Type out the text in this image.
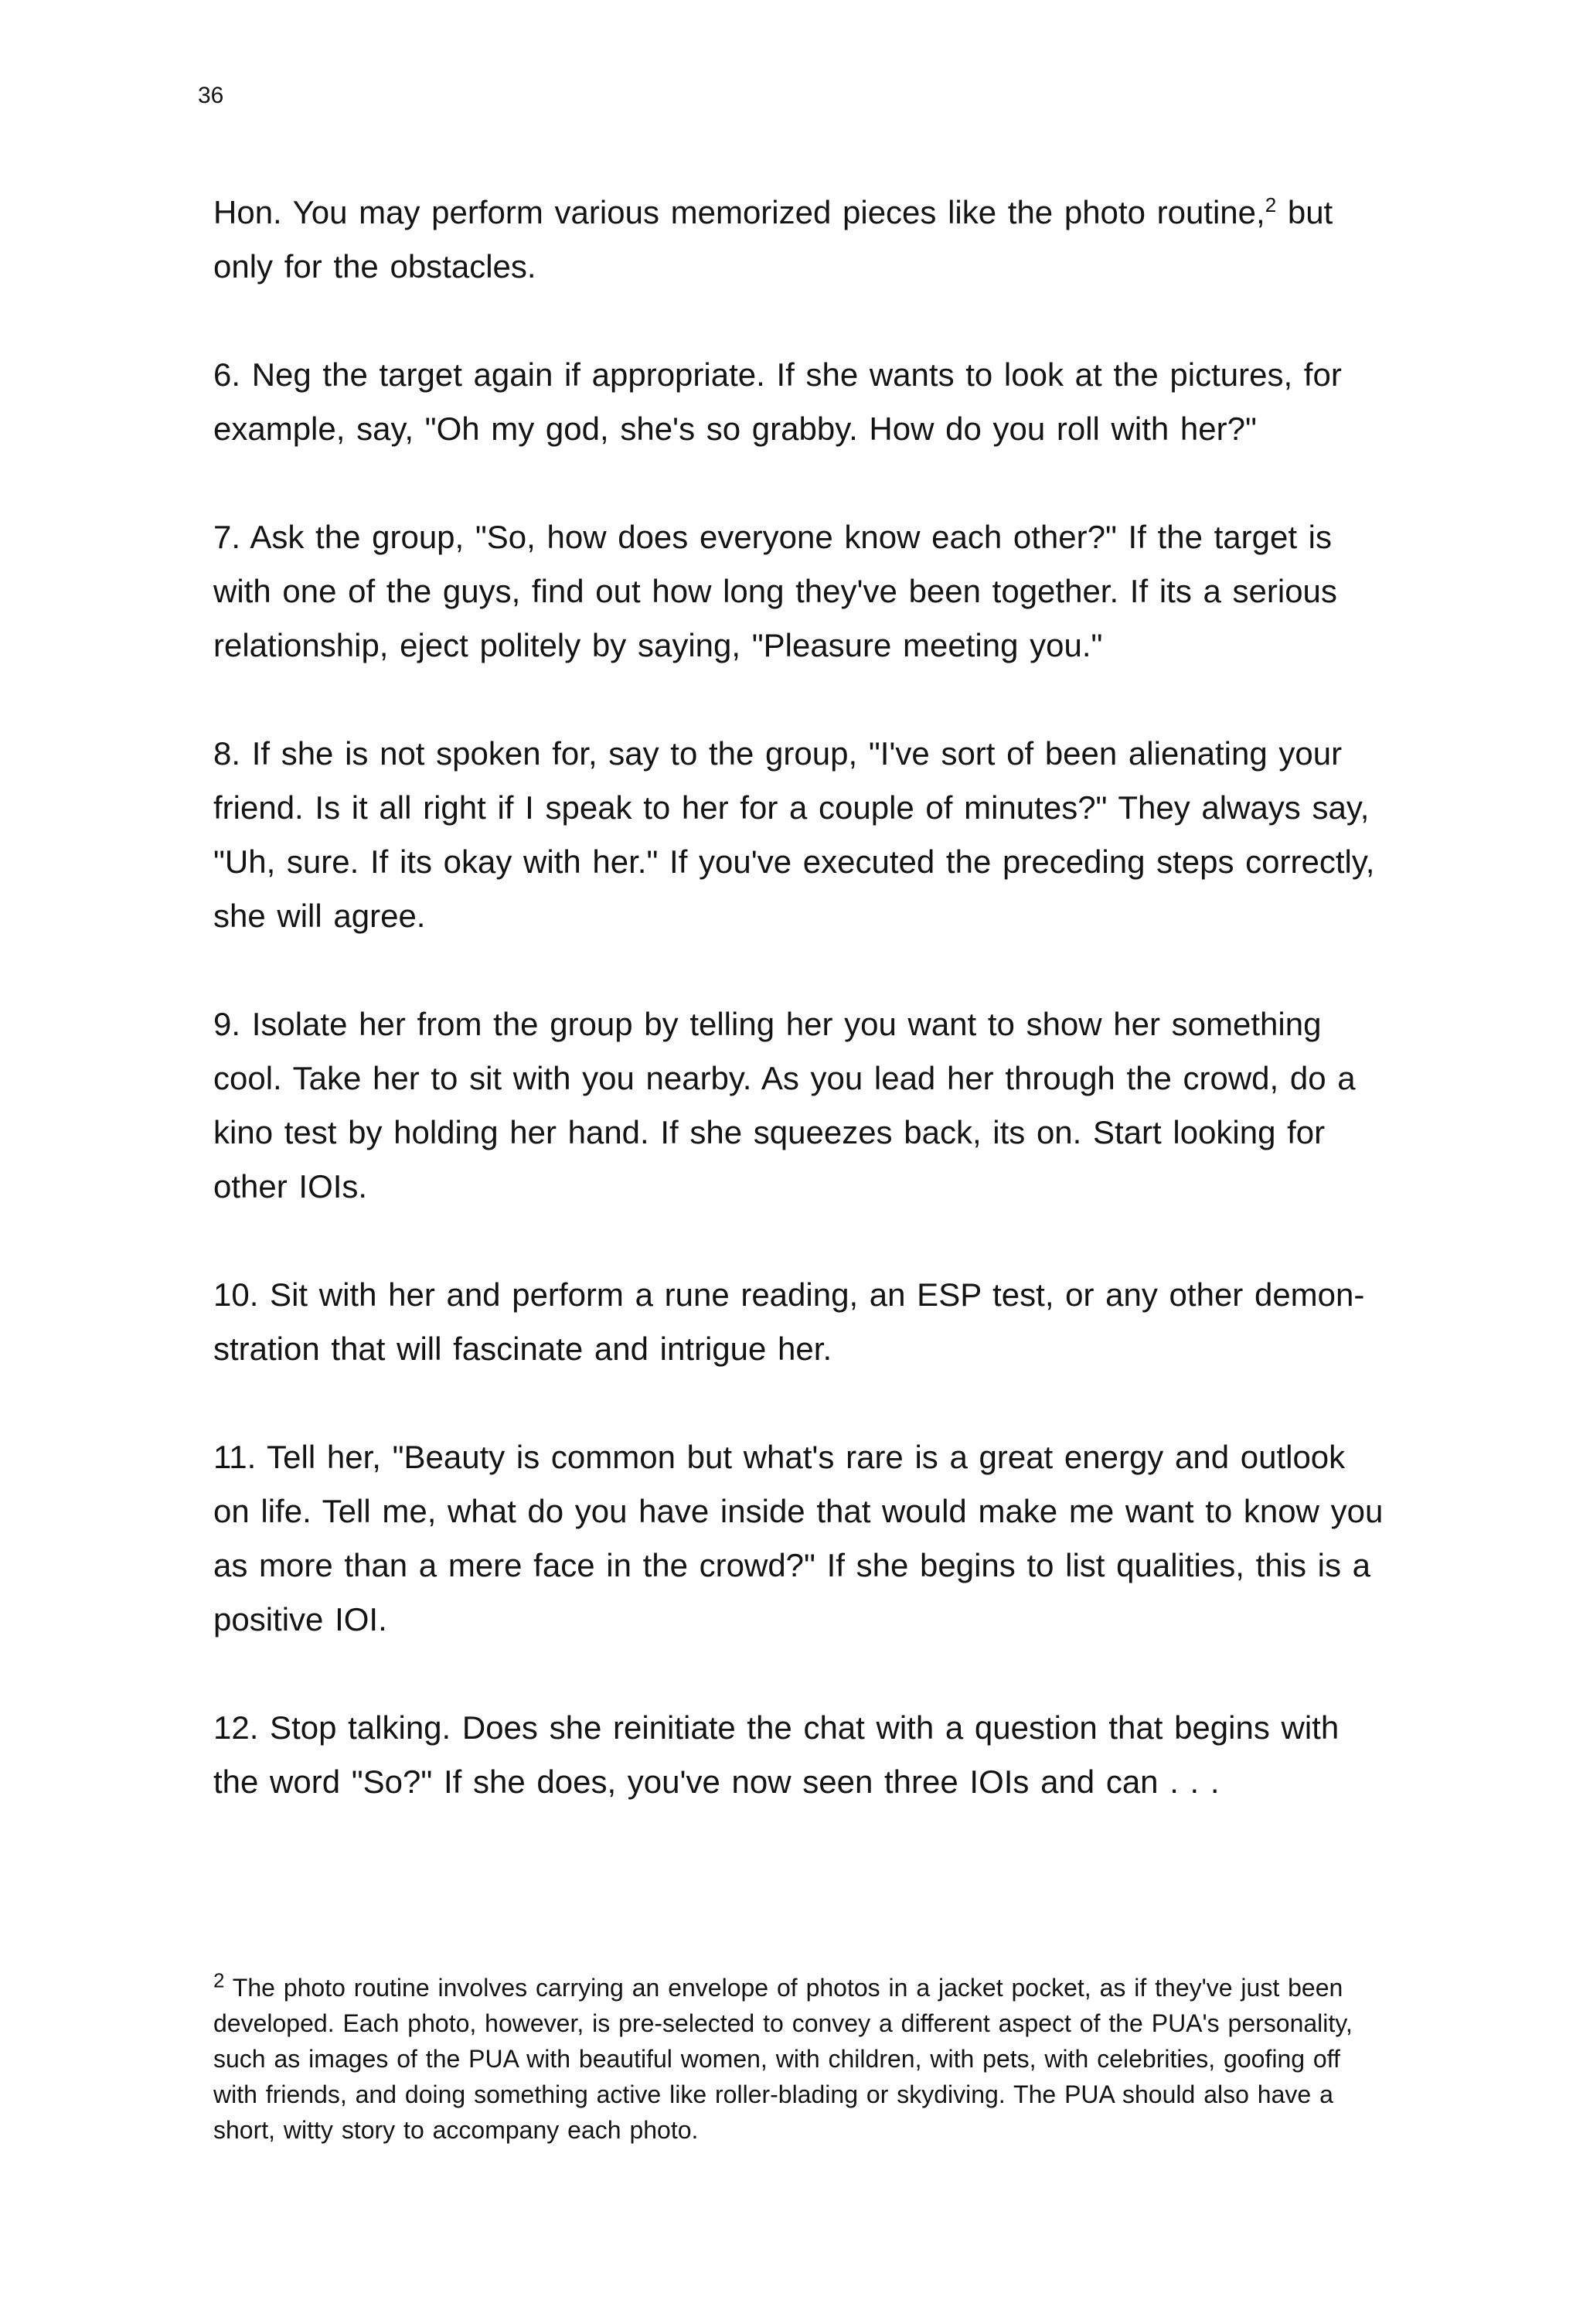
36

Hon. You may perform various memorized pieces like the photo routine,$^2$ but only for the obstacles.

6. Neg the target again if appropriate. If she wants to look at the pictures, for example, say, "Oh my god, she's so grabby. How do you roll with her?"

7. Ask the group, "So, how does everyone know each other?" If the target is with one of the guys, find out how long they've been together. If its a serious relationship, eject politely by saying, "Pleasure meeting you."

8. If she is not spoken for, say to the group, "I've sort of been alienating your friend. Is it all right if I speak to her for a couple of minutes?" They always say, "Uh, sure. If its okay with her." If you've executed the preceding steps correctly, she will agree.

9. Isolate her from the group by telling her you want to show her something cool. Take her to sit with you nearby. As you lead her through the crowd, do a kino test by holding her hand. If she squeezes back, its on. Start looking for other IOIs.

10. Sit with her and perform a rune reading, an ESP test, or any other demon- stration that will fascinate and intrigue her.

11. Tell her, "Beauty is common but what's rare is a great energy and outlook on life. Tell me, what do you have inside that would make me want to know you as more than a mere face in the crowd?" If she begins to list qualities, this is a positive IOI.

12. Stop talking. Does she reinitiate the chat with a question that begins with the word "So?" If she does, you've now seen three IOIs and can . . .

$^2$ The photo routine involves carrying an envelope of photos in a jacket pocket, as if they've just been developed. Each photo, however, is pre-selected to convey a different aspect of the PUA's personality, such as images of the PUA with beautiful women, with children, with pets, with celebrities, goofing off with friends, and doing something active like roller-blading or skydiving. The PUA should also have a short, witty story to accompany each photo.
